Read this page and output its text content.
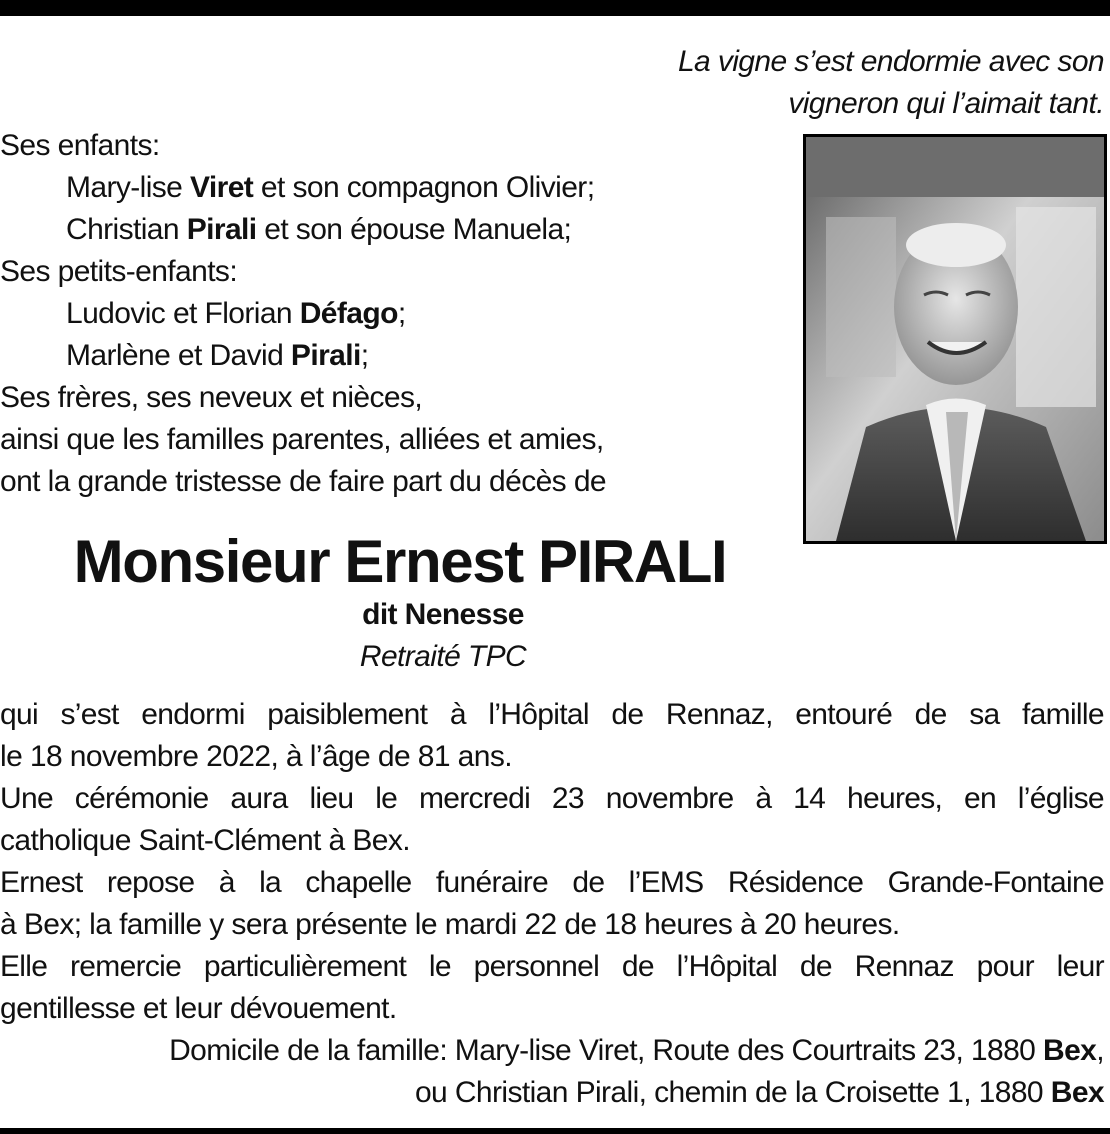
La vigne s’est endormie avec son
vigneron qui l’aimait tant.
Ses enfants:
Mary-lise Viret et son compagnon Olivier;
Christian Pirali et son épouse Manuela;
Ses petits-enfants:
Ludovic et Florian Défago;
Marlène et David Pirali;
Ses frères, ses neveux et nièces,
ainsi que les familles parentes, alliées et amies,
ont la grande tristesse de faire part du décès de
Monsieur Ernest PIRALI
dit Nenesse
Retraité TPC
qui s’est endormi paisiblement à l’Hôpital de Rennaz, entouré de sa famille
le 18 novembre 2022, à l’âge de 81 ans.
Une cérémonie aura lieu le mercredi 23 novembre à 14 heures, en l’église
catholique Saint-Clément à Bex.
Ernest repose à la chapelle funéraire de l’EMS Résidence Grande-Fontaine
à Bex; la famille y sera présente le mardi 22 de 18 heures à 20 heures.
Elle remercie particulièrement le personnel de l’Hôpital de Rennaz pour leur
gentillesse et leur dévouement.
Domicile de la famille: Mary-lise Viret, Route des Courtraits 23, 1880 Bex,
ou Christian Pirali, chemin de la Croisette 1, 1880 Bex
